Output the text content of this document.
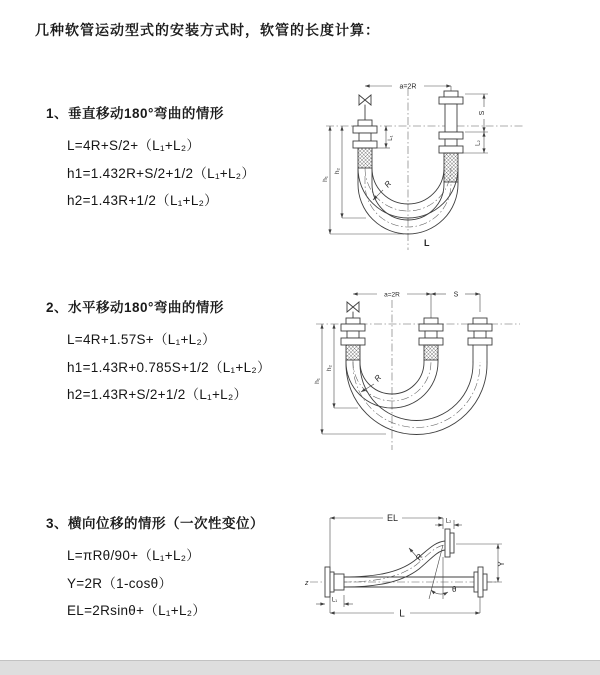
几种软管运动型式的安装方式时，软管的长度计算：
1、垂直移动180°弯曲的情形
L=4R+S/2+（L₁+L₂）
h1=1.432R+S/2+1/2（L₁+L₂）
h2=1.43R+1/2（L₁+L₂）
a=2R
S
L₂
L₁
h₂
h₁
R
L
2、水平移动180°弯曲的情形
L=4R+1.57S+（L₁+L₂）
h1=1.43R+0.785S+1/2（L₁+L₂）
h2=1.43R+S/2+1/2（L₁+L₂）
a=2R	S
h₂
h₁	R
3、横向位移的情形（一次性变位）
L=πRθ/90+（L₁+L₂）
Y=2R（1-cosθ）
EL=2Rsinθ+（L₁+L₂）
z
EL	L₂
Y
θ
R
L
L₁
